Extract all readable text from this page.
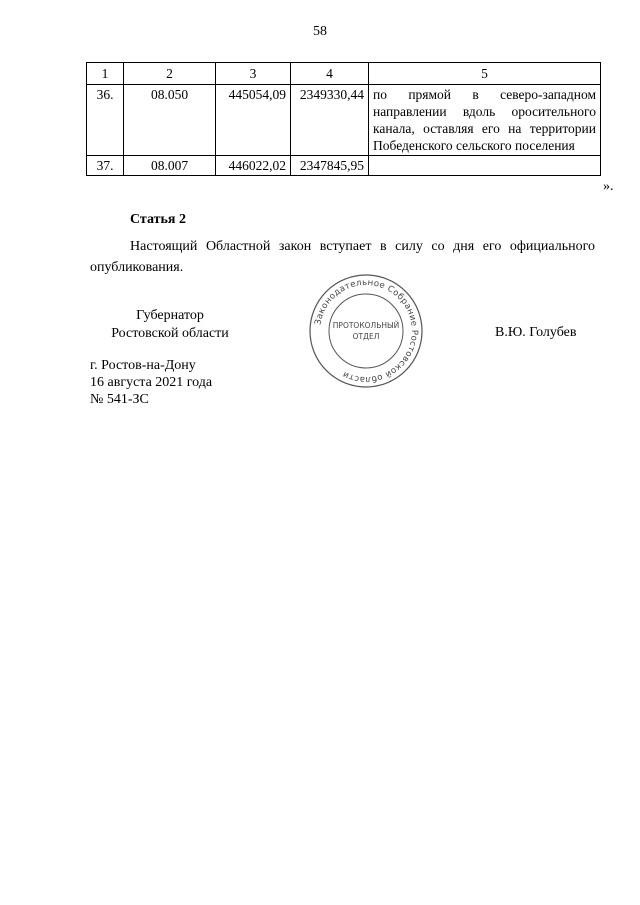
58
1	2	3	4	5
36.	08.050	445054,09	2349330,44	по прямой в северо-западном направлении вдоль оросительного канала, оставляя его на территории Победенского сельского поселения
37.	08.007	446022,02	2347845,95	
».
Статья 2
Настоящий Областной закон вступает в силу со дня его официального опубликования.
Губернатор
Ростовской области
Законодательное Собрание Ростовской области
ПРОТОКОЛЬНЫЙ
ОТДЕЛ	В.Ю. Голубев
г. Ростов-на-Дону
16 августа 2021 года
№ 541-ЗС
